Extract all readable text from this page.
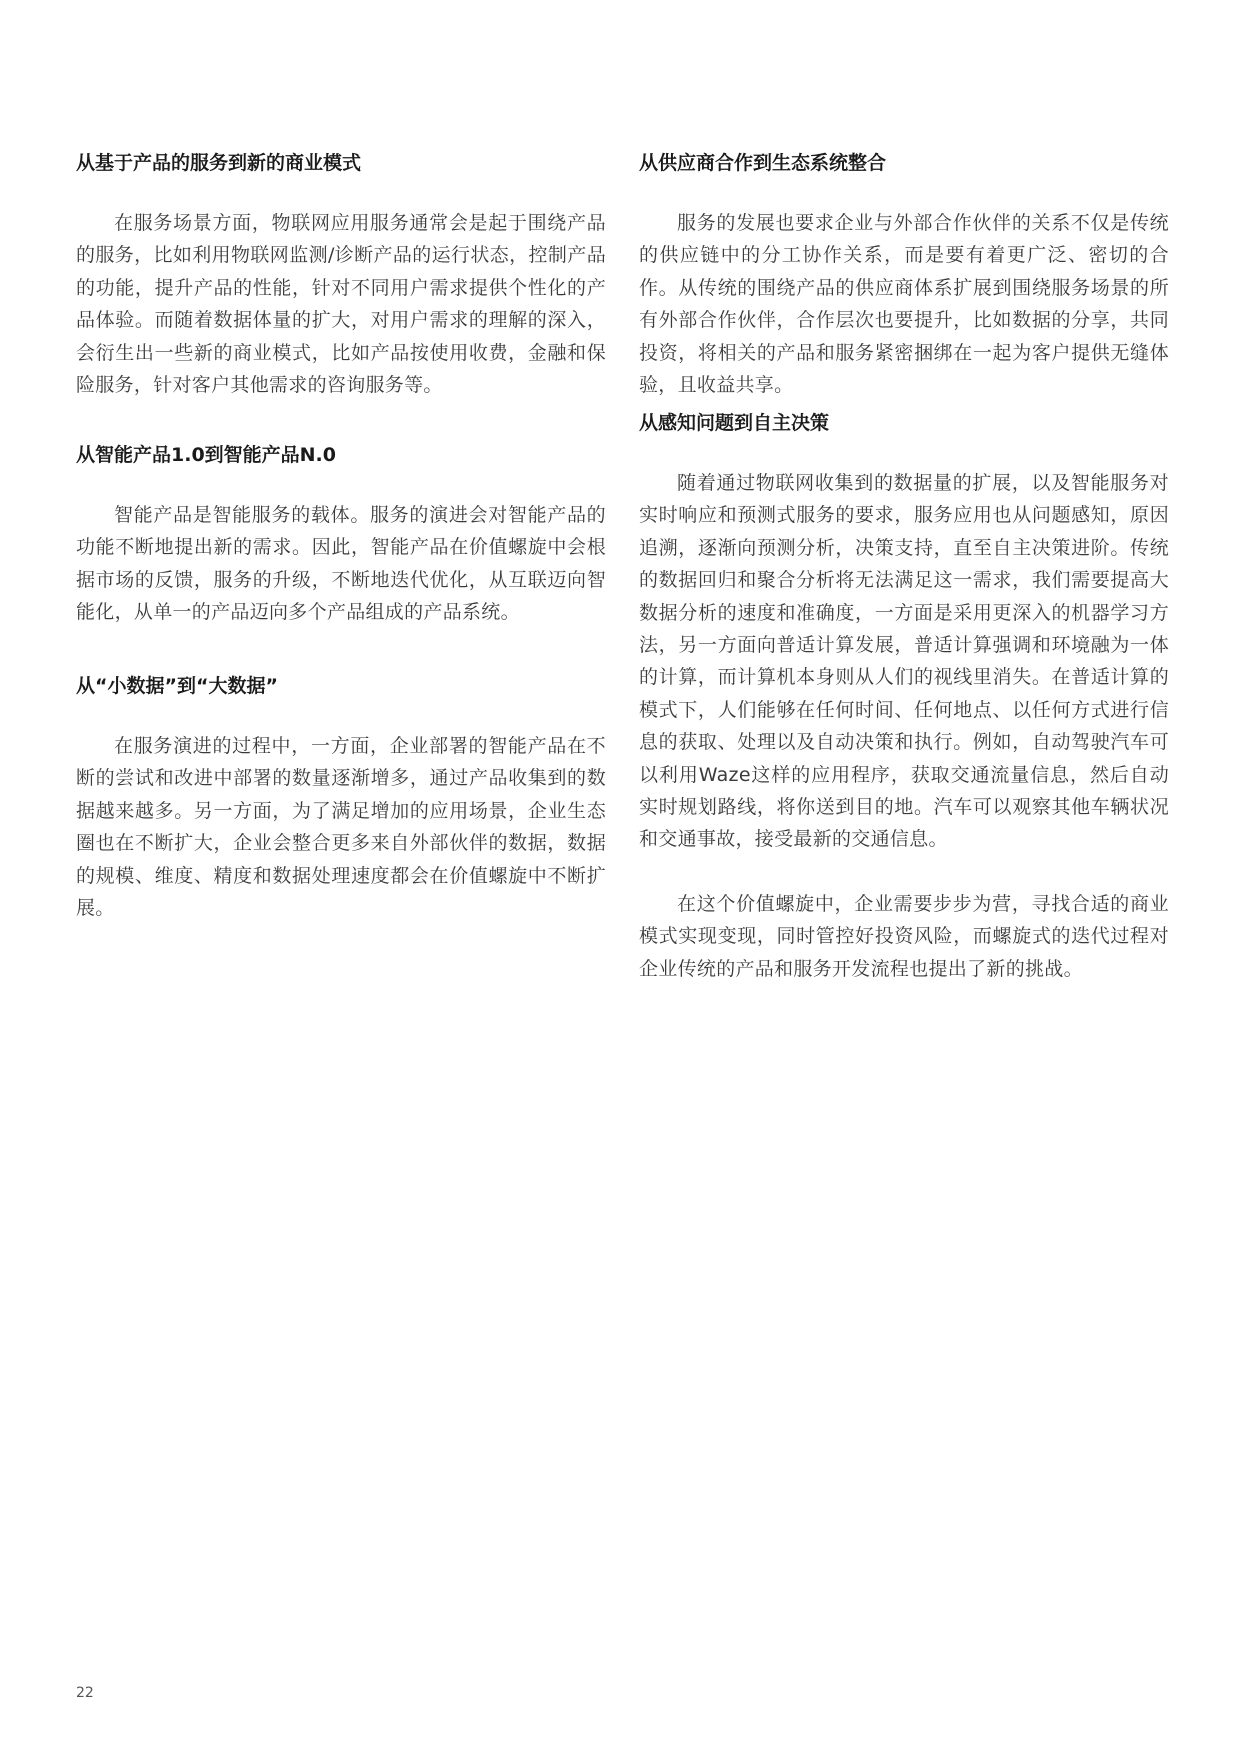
从基于产品的服务到新的商业模式

在服务场景方面，物联网应用服务通常会是起于围绕产品的服务，比如利用物联网监测/诊断产品的运行状态，控制产品的功能，提升产品的性能，针对不同用户需求提供个性化的产品体验。而随着数据体量的扩大，对用户需求的理解的深入，会衍生出一些新的商业模式，比如产品按使用收费，金融和保险服务，针对客户其他需求的咨询服务等。

从智能产品1.0到智能产品N.0

智能产品是智能服务的载体。服务的演进会对智能产品的功能不断地提出新的需求。因此，智能产品在价值螺旋中会根据市场的反馈，服务的升级，不断地迭代优化，从互联迈向智能化，从单一的产品迈向多个产品组成的产品系统。

从“小数据”到“大数据”

在服务演进的过程中，一方面，企业部署的智能产品在不断的尝试和改进中部署的数量逐渐增多，通过产品收集到的数据越来越多。另一方面，为了满足增加的应用场景，企业生态圈也在不断扩大，企业会整合更多来自外部伙伴的数据，数据的规模、维度、精度和数据处理速度都会在价值螺旋中不断扩展。

从供应商合作到生态系统整合

服务的发展也要求企业与外部合作伙伴的关系不仅是传统的供应链中的分工协作关系，而是要有着更广泛、密切的合作。从传统的围绕产品的供应商体系扩展到围绕服务场景的所有外部合作伙伴，合作层次也要提升，比如数据的分享，共同投资，将相关的产品和服务紧密捆绑在一起为客户提供无缝体验，且收益共享。

从感知问题到自主决策

随着通过物联网收集到的数据量的扩展，以及智能服务对实时响应和预测式服务的要求，服务应用也从问题感知，原因追溯，逐渐向预测分析，决策支持，直至自主决策进阶。传统的数据回归和聚合分析将无法满足这一需求，我们需要提高大数据分析的速度和准确度，一方面是采用更深入的机器学习方法，另一方面向普适计算发展，普适计算强调和环境融为一体的计算，而计算机本身则从人们的视线里消失。在普适计算的模式下，人们能够在任何时间、任何地点、以任何方式进行信息的获取、处理以及自动决策和执行。例如，自动驾驶汽车可以利用Waze这样的应用程序，获取交通流量信息，然后自动实时规划路线，将你送到目的地。汽车可以观察其他车辆状况和交通事故，接受最新的交通信息。

在这个价值螺旋中，企业需要步步为营，寻找合适的商业模式实现变现，同时管控好投资风险，而螺旋式的迭代过程对企业传统的产品和服务开发流程也提出了新的挑战。

22
